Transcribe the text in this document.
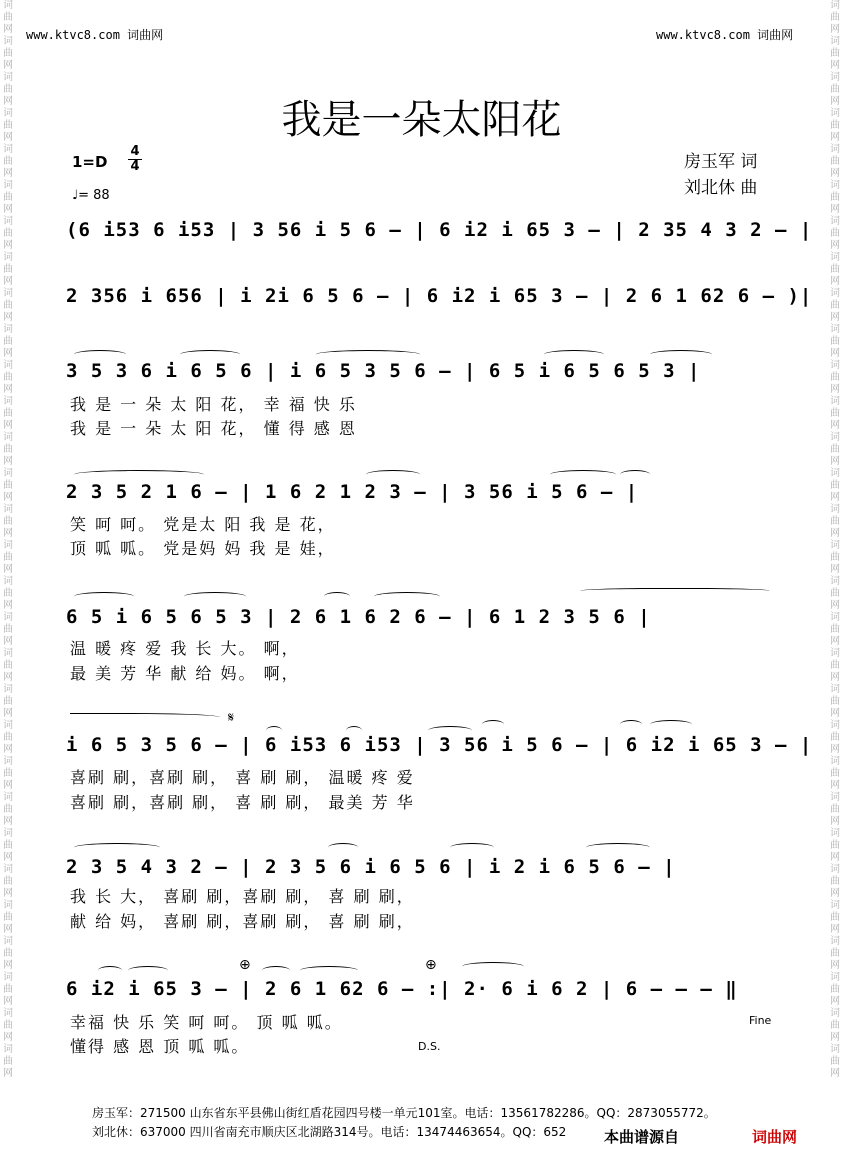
词
曲
网
词
曲
网
词
曲
网
词
曲
网
词
曲
网
词
曲
网
词
曲
网
词
曲
网
词
曲
网
词
曲
网
词
曲
网
词
曲
网
词
曲
网
词
曲
网
词
曲
网
词
曲
网
词
曲
网
词
曲
网
词
曲
网
词
曲
网
词
曲
网
词
曲
网
词
曲
网
词
曲
网
词
曲
网
词
曲
网
词
曲
网
词
曲
网
词
曲
网
词
曲
网
词
曲
网
词
曲
网
词
曲
网
词
曲
网
词
曲
网
词
曲
网
词
曲
网
词
曲
网
词
曲
网
词
曲
网
词
曲
网
词
曲
网
词
曲
网
词
曲
网
词
曲
网
词
曲
网
词
曲
网
词
曲
网
词
曲
网
词
曲
网
词
曲
网
词
曲
网
词
曲
网
词
曲
网
词
曲
网
词
曲
网
词
曲
网
词
曲
网
词
曲
网
词
曲
网
www.ktvc8.com 词曲网	www.ktvc8.com 词曲网
我是一朵太阳花
房玉军 词
刘北休 曲
1=D
4
4
♩= 88
(6 i53 6 i53 | 3 56 i 5 6 – | 6 i2 i 65 3 – | 2 35 4 3 2 – |
2 356 i 656 | i 2i 6 5 6 – | 6 i2 i 65 3 – | 2 6 1 62 6 – )|
3 5 3 6 i 6 5 6 | i 6 5 3 5 6 – | 6 5 i 6 5 6 5 3 |
我 是 一 朵 太 阳 花， 幸 福 快 乐
我 是 一 朵 太 阳 花， 懂 得 感 恩
2 3 5 2 1 6 – | 1 6 2 1 2 3 – | 3 56 i 5 6 – |
笑 呵 呵。 党是太 阳 我 是 花，
顶 呱 呱。 党是妈 妈 我 是 娃，
6 5 i 6 5 6 5 3 | 2 6 1 6 2 6 – | 6 1 2 3 5 6 |
温 暖 疼 爱 我 长 大。 啊，
最 美 芳 华 献 给 妈。 啊，
𝄋
i 6 5 3 5 6 – | 6 i53 6 i53 | 3 56 i 5 6 – | 6 i2 i 65 3 – |
喜刷 刷，喜刷 刷， 喜 刷 刷， 温暖 疼 爱
喜刷 刷，喜刷 刷， 喜 刷 刷， 最美 芳 华
2 3 5 4 3 2 – | 2 3 5 6 i 6 5 6 | i 2 i 6 5 6 – |
我 长 大， 喜刷 刷，喜刷 刷， 喜 刷 刷，
献 给 妈， 喜刷 刷，喜刷 刷， 喜 刷 刷，
⊕	⊕
6 i2 i 65 3 – | 2 6 1 62 6 – :| 2· 6 i 6 2 | 6 – – – ‖
幸福 快 乐 笑 呵 呵。 顶 呱 呱。
懂得 感 恩 顶 呱 呱。	D.S.
Fine
房玉军：271500 山东省东平县佛山街红盾花园四号楼一单元101室。电话：13561782286。QQ：2873055772。
刘北休：637000 四川省南充市顺庆区北湖路314号。电话：13474463654。QQ：652	本曲谱源自	词曲网
